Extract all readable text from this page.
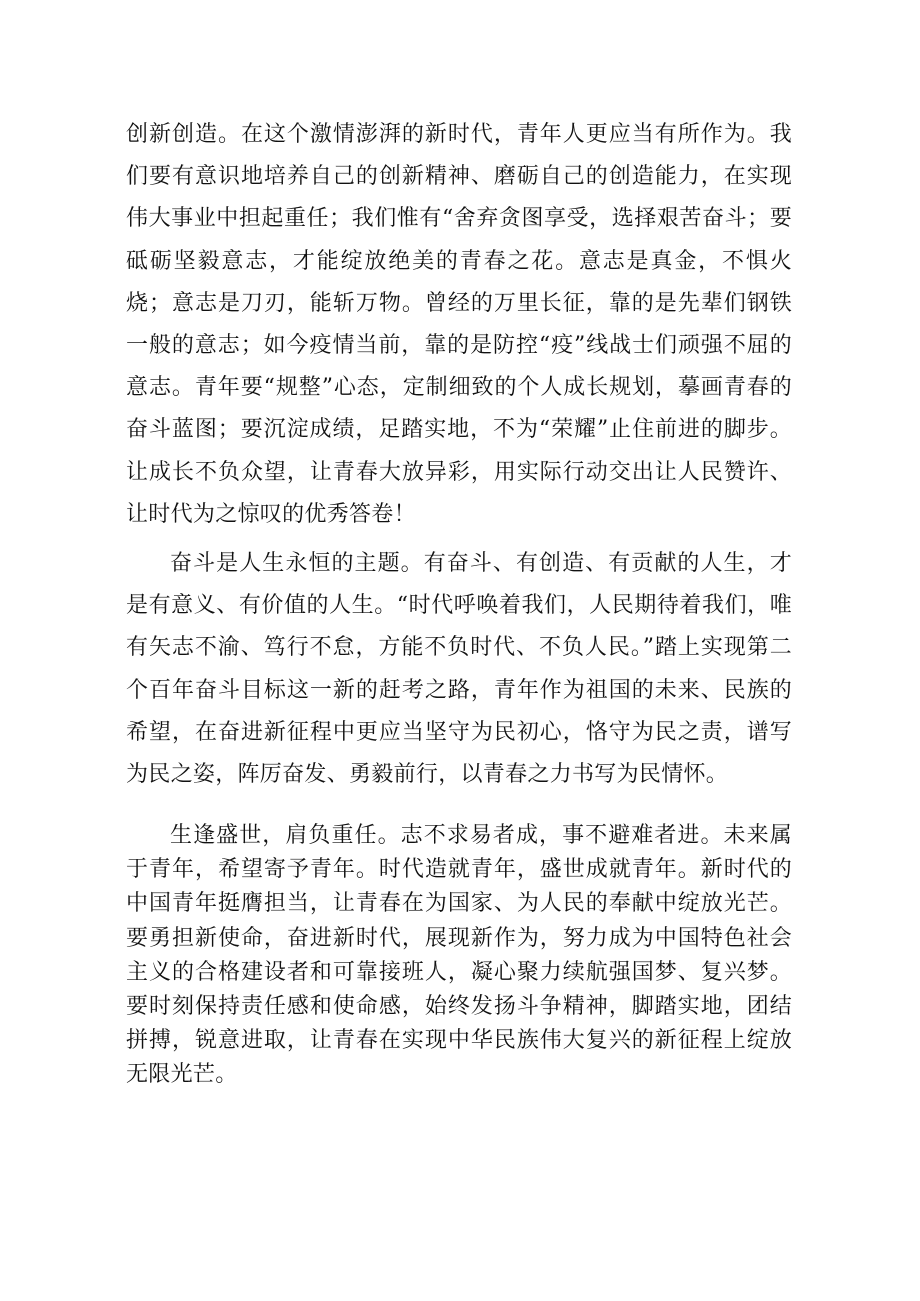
创新创造。在这个激情澎湃的新时代，青年人更应当有所作为。我们要有意识地培养自己的创新精神、磨砺自己的创造能力，在实现伟大事业中担起重任；我们惟有“舍弃贪图享受，选择艰苦奋斗；要砥砺坚毅意志，才能绽放绝美的青春之花。意志是真金，不惧火烧；意志是刀刃，能斩万物。曾经的万里长征，靠的是先辈们钢铁一般的意志；如今疫情当前，靠的是防控“疫”线战士们顽强不屈的意志。青年要“规整”心态，定制细致的个人成长规划，摹画青春的奋斗蓝图；要沉淀成绩，足踏实地，不为“荣耀”止住前进的脚步。让成长不负众望，让青春大放异彩，用实际行动交出让人民赞许、让时代为之惊叹的优秀答卷！

奋斗是人生永恒的主题。有奋斗、有创造、有贡献的人生，才是有意义、有价值的人生。“时代呼唤着我们，人民期待着我们，唯有矢志不渝、笃行不怠，方能不负时代、不负人民。”踏上实现第二个百年奋斗目标这一新的赶考之路，青年作为祖国的未来、民族的希望，在奋进新征程中更应当坚守为民初心，恪守为民之责，谱写为民之姿，阵厉奋发、勇毅前行，以青春之力书写为民情怀。

生逢盛世，肩负重任。志不求易者成，事不避难者进。未来属于青年，希望寄予青年。时代造就青年，盛世成就青年。新时代的中国青年挺膺担当，让青春在为国家、为人民的奉献中绽放光芒。要勇担新使命，奋进新时代，展现新作为，努力成为中国特色社会主义的合格建设者和可靠接班人，凝心聚力续航强国梦、复兴梦。要时刻保持责任感和使命感，始终发扬斗争精神，脚踏实地，团结拼搏，锐意进取，让青春在实现中华民族伟大复兴的新征程上绽放无限光芒。
